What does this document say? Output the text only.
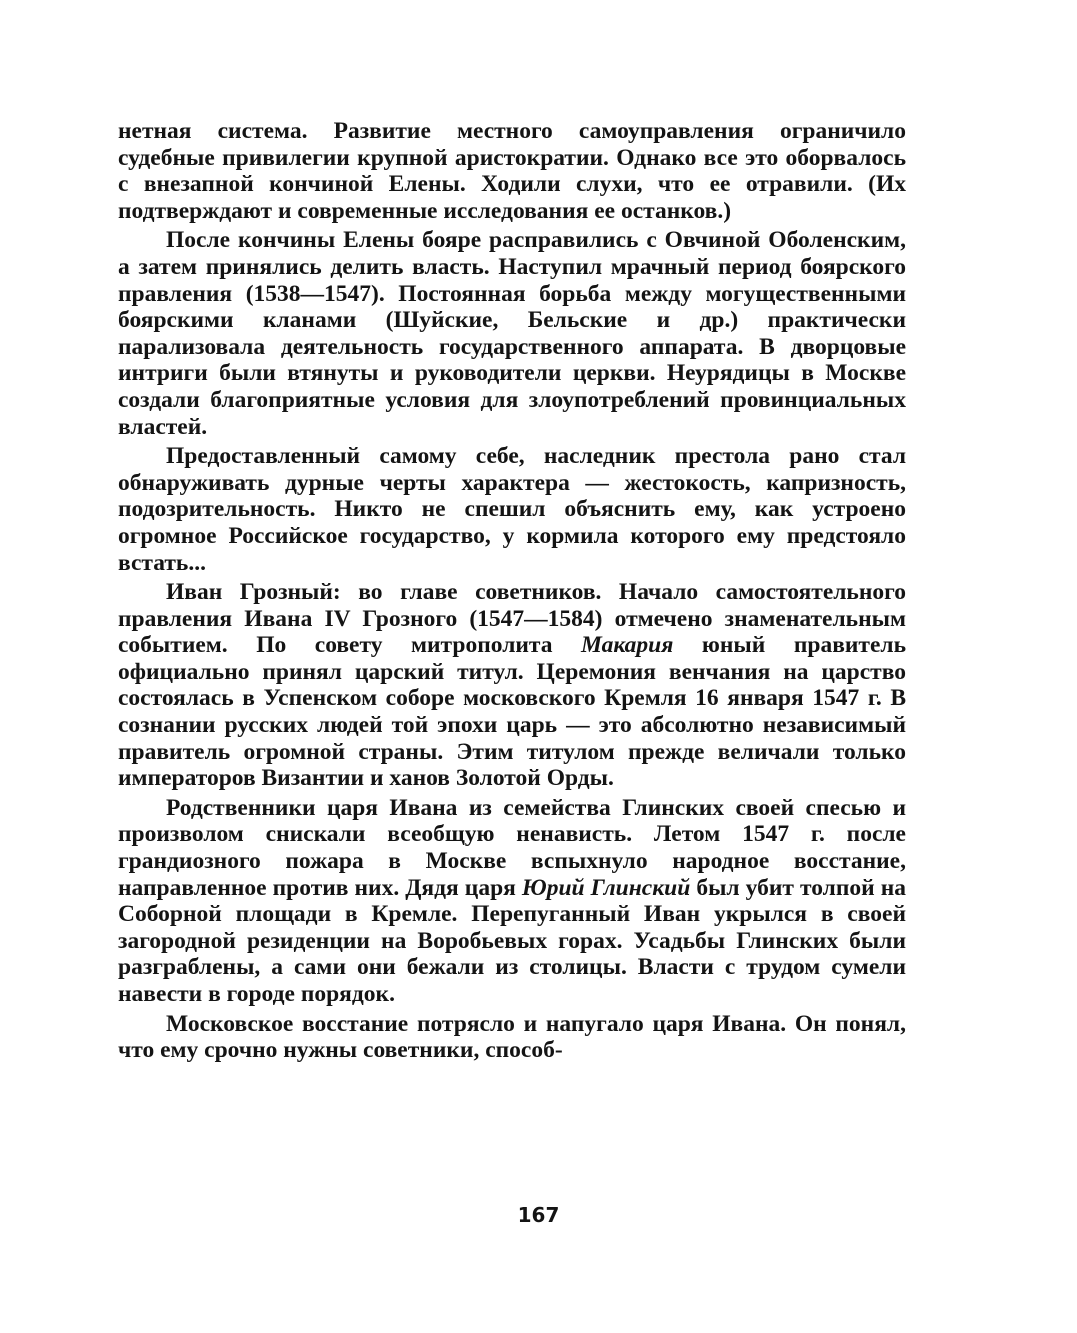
нетная система. Развитие местного самоуправления ограничило судебные привилегии крупной аристократии. Однако все это оборвалось с внезапной кончиной Елены. Ходили слухи, что ее отравили. (Их подтверждают и современные исследования ее останков.)

После кончины Елены бояре расправились с Овчиной Оболенским, а затем принялись делить власть. Наступил мрачный период боярского правления (1538—1547). Постоянная борьба между могущественными боярскими кланами (Шуйские, Бельские и др.) практически парализовала деятельность государственного аппарата. В дворцовые интриги были втянуты и руководители церкви. Неурядицы в Москве создали благоприятные условия для злоупотреблений провинциальных властей.

Предоставленный самому себе, наследник престола рано стал обнаруживать дурные черты характера — жестокость, капризность, подозрительность. Никто не спешил объяснить ему, как устроено огромное Российское государство, у кормила которого ему предстояло встать...

Иван Грозный: во главе советников. Начало самостоятельного правления Ивана IV Грозного (1547—1584) отмечено знаменательным событием. По совету митрополита Макария юный правитель официально принял царский титул. Церемония венчания на царство состоялась в Успенском соборе московского Кремля 16 января 1547 г. В сознании русских людей той эпохи царь — это абсолютно независимый правитель огромной страны. Этим титулом прежде величали только императоров Византии и ханов Золотой Орды.

Родственники царя Ивана из семейства Глинских своей спесью и произволом снискали всеобщую ненависть. Летом 1547 г. после грандиозного пожара в Москве вспыхнуло народное восстание, направленное против них. Дядя царя Юрий Глинский был убит толпой на Соборной площади в Кремле. Перепуганный Иван укрылся в своей загородной резиденции на Воробьевых горах. Усадьбы Глинских были разграблены, а сами они бежали из столицы. Власти с трудом сумели навести в городе порядок.

Московское восстание потрясло и напугало царя Ивана. Он понял, что ему срочно нужны советники, способ-

167
